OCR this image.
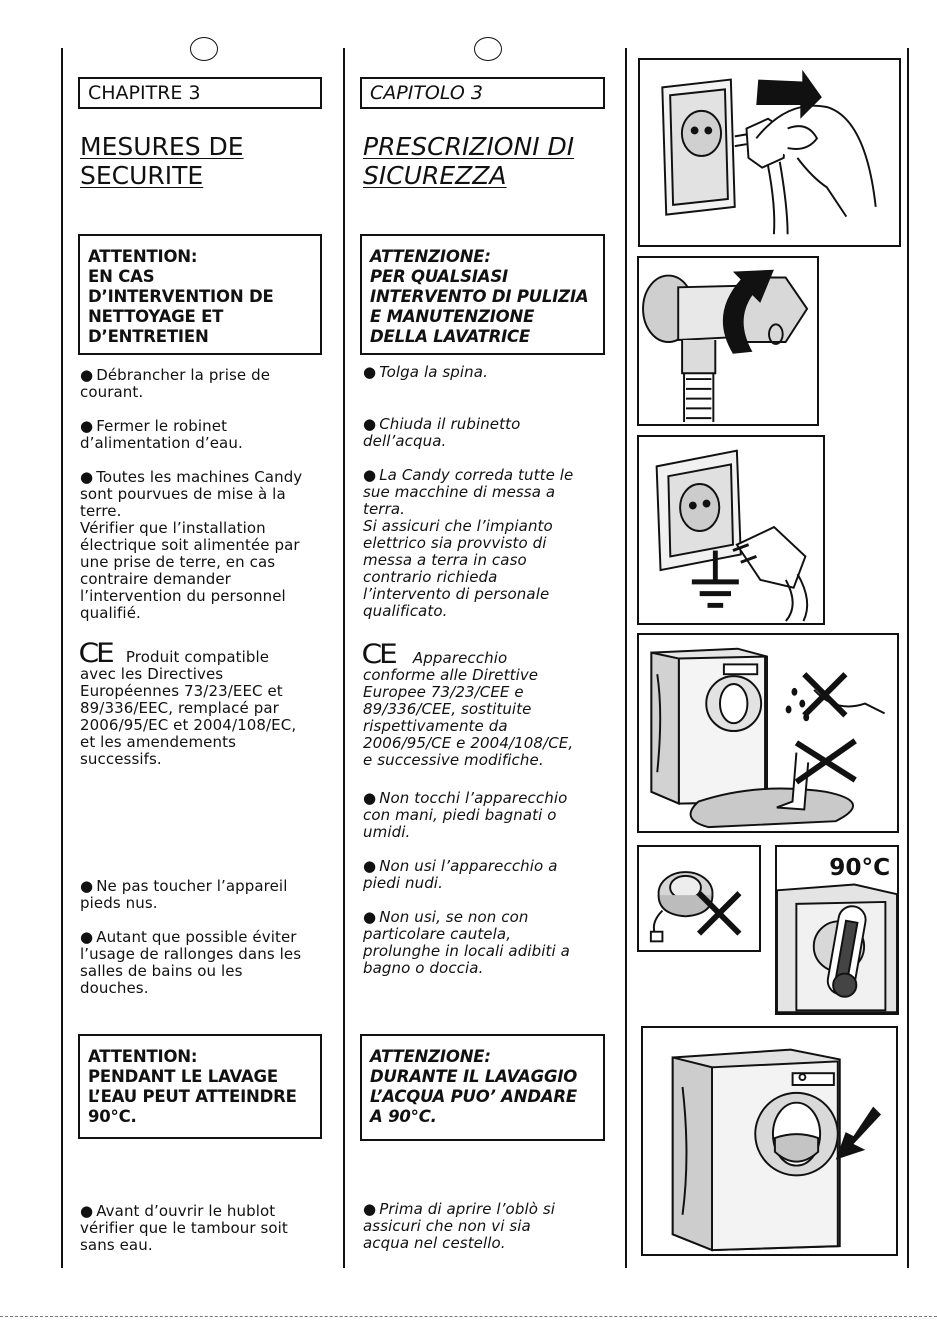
CHAPITRE 3
MESURES DE
SECURITE
ATTENTION:
EN CAS
D’INTERVENTION DE
NETTOYAGE ET
D’ENTRETIEN
● Débrancher la prise de
courant.
● Fermer le robinet
d’alimentation d’eau.
● Toutes les machines Candy
sont pourvues de mise à la
terre.
Vérifier que l’installation
électrique soit alimentée par
une prise de terre, en cas
contraire demander
l’intervention du personnel
qualifié.
CE Produit compatible
avec les Directives
Européennes 73/23/EEC et
89/336/EEC, remplacé par
2006/95/EC et 2004/108/EC,
et les amendements
successifs.
● Ne pas toucher l’appareil
pieds nus.
● Autant que possible éviter
l’usage de rallonges dans les
salles de bains ou les
douches.
ATTENTION:
PENDANT LE LAVAGE
L’EAU PEUT ATTEINDRE
90°C.
● Avant d’ouvrir le hublot
vérifier que le tambour soit
sans eau.
CAPITOLO 3
PRESCRIZIONI DI
SICUREZZA
ATTENZIONE:
PER QUALSIASI
INTERVENTO DI PULIZIA
E MANUTENZIONE
DELLA LAVATRICE
● Tolga la spina.
● Chiuda il rubinetto
dell’acqua.
● La Candy correda tutte le
sue macchine di messa a
terra.
Si assicuri che l’impianto
elettrico sia provvisto di
messa a terra in caso
contrario richieda
l’intervento di personale
qualificato.
CE Apparecchio
conforme alle Direttive
Europee 73/23/CEE e
89/336/CEE, sostituite
rispettivamente da
2006/95/CE e 2004/108/CE,
e successive modifiche.
● Non tocchi l’apparecchio
con mani, piedi bagnati o
umidi.
● Non usi l’apparecchio a
piedi nudi.
● Non usi, se non con
particolare cautela,
prolunghe in locali adibiti a
bagno o doccia.
ATTENZIONE:
DURANTE IL LAVAGGIO
L’ACQUA PUO’ ANDARE
A 90°C.
● Prima di aprire l’oblò si
assicuri che non vi sia
acqua nel cestello.
90°C
